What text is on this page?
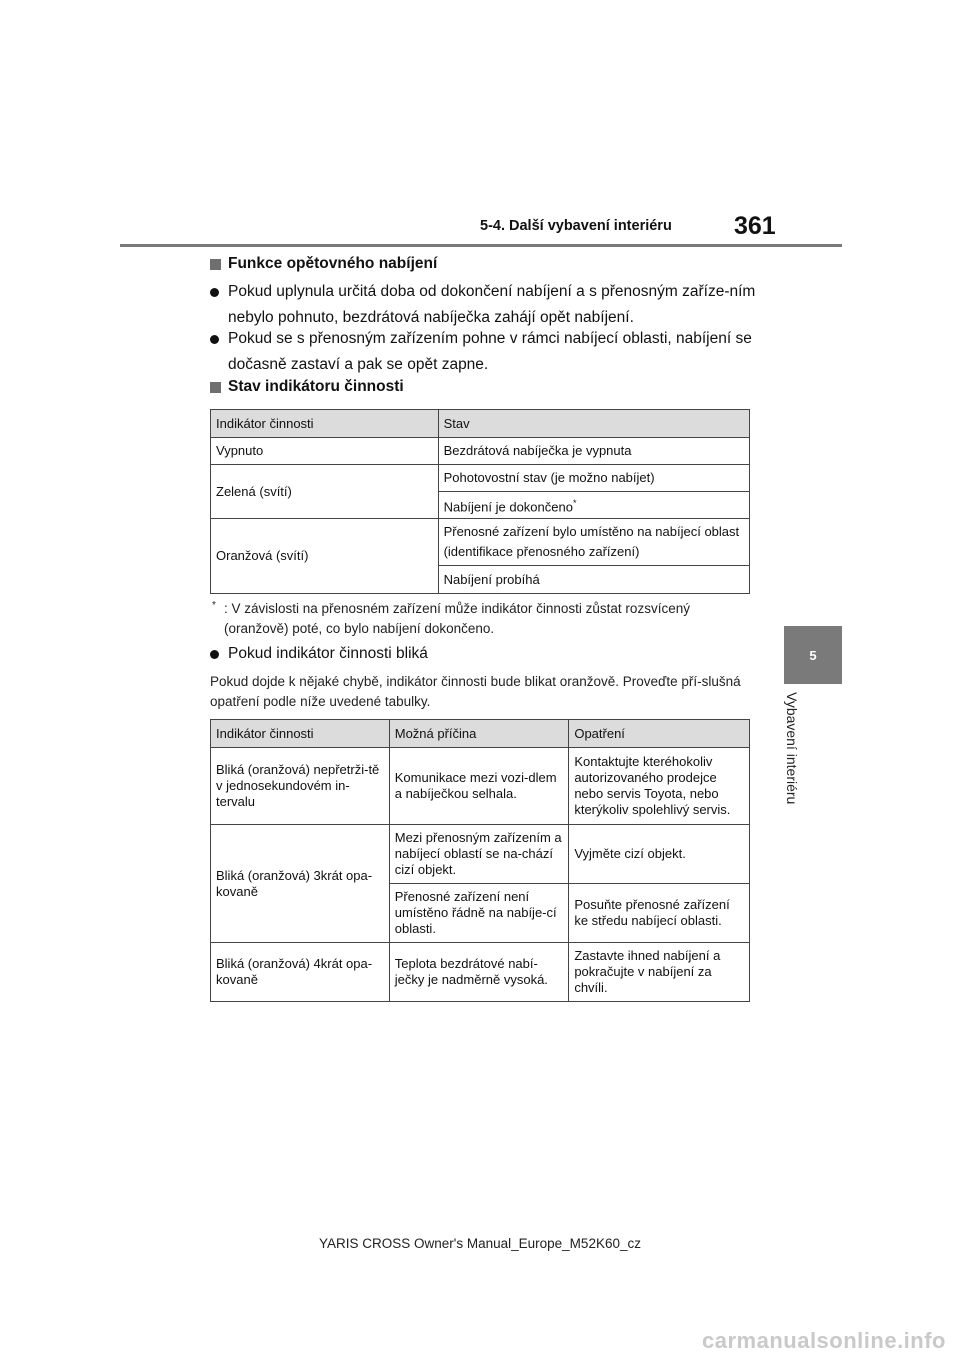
5-4. Další vybavení interiéru 361
5
Vybavení interiéru
Funkce opětovného nabíjení
Pokud uplynula určitá doba od dokončení nabíjení a s přenosným zaříze-ním nebylo pohnuto, bezdrátová nabíječka zahájí opět nabíjení.
Pokud se s přenosným zařízením pohne v rámci nabíjecí oblasti, nabíjení se dočasně zastaví a pak se opět zapne.
Stav indikátoru činnosti
Indikátor činnosti	Stav
Vypnuto	Bezdrátová nabíječka je vypnuta
Zelená (svítí)	Pohotovostní stav (je možno nabíjet)
	Nabíjení je dokončeno*
Oranžová (svítí)	Přenosné zařízení bylo umístěno na nabíjecí oblast (identifikace přenosného zařízení)
	Nabíjení probíhá
* : V závislosti na přenosném zařízení může indikátor činnosti zůstat rozsvícený (oranžově) poté, co bylo nabíjení dokončeno.
Pokud indikátor činnosti bliká
Pokud dojde k nějaké chybě, indikátor činnosti bude blikat oranžově. Proveďte pří-slušná opatření podle níže uvedené tabulky.
Indikátor činnosti	Možná příčina	Opatření
Bliká (oranžová) nepřetrži-tě v jednosekundovém in-tervalu	Komunikace mezi vozi-dlem a nabíječkou selhala.	Kontaktujte kteréhokoliv autorizovaného prodejce nebo servis Toyota, nebo kterýkoliv spolehlivý servis.
Bliká (oranžová) 3krát opa-kovaně	Mezi přenosným zařízením a nabíjecí oblastí se na-chází cizí objekt.	Vyjměte cizí objekt.
	Přenosné zařízení není umístěno řádně na nabíje-cí oblasti.	Posuňte přenosné zařízení ke středu nabíjecí oblasti.
Bliká (oranžová) 4krát opa-kovaně	Teplota bezdrátové nabí-ječky je nadměrně vysoká.	Zastavte ihned nabíjení a pokračujte v nabíjení za chvíli.
YARIS CROSS Owner's Manual_Europe_M52K60_cz
carmanualsonline.info
